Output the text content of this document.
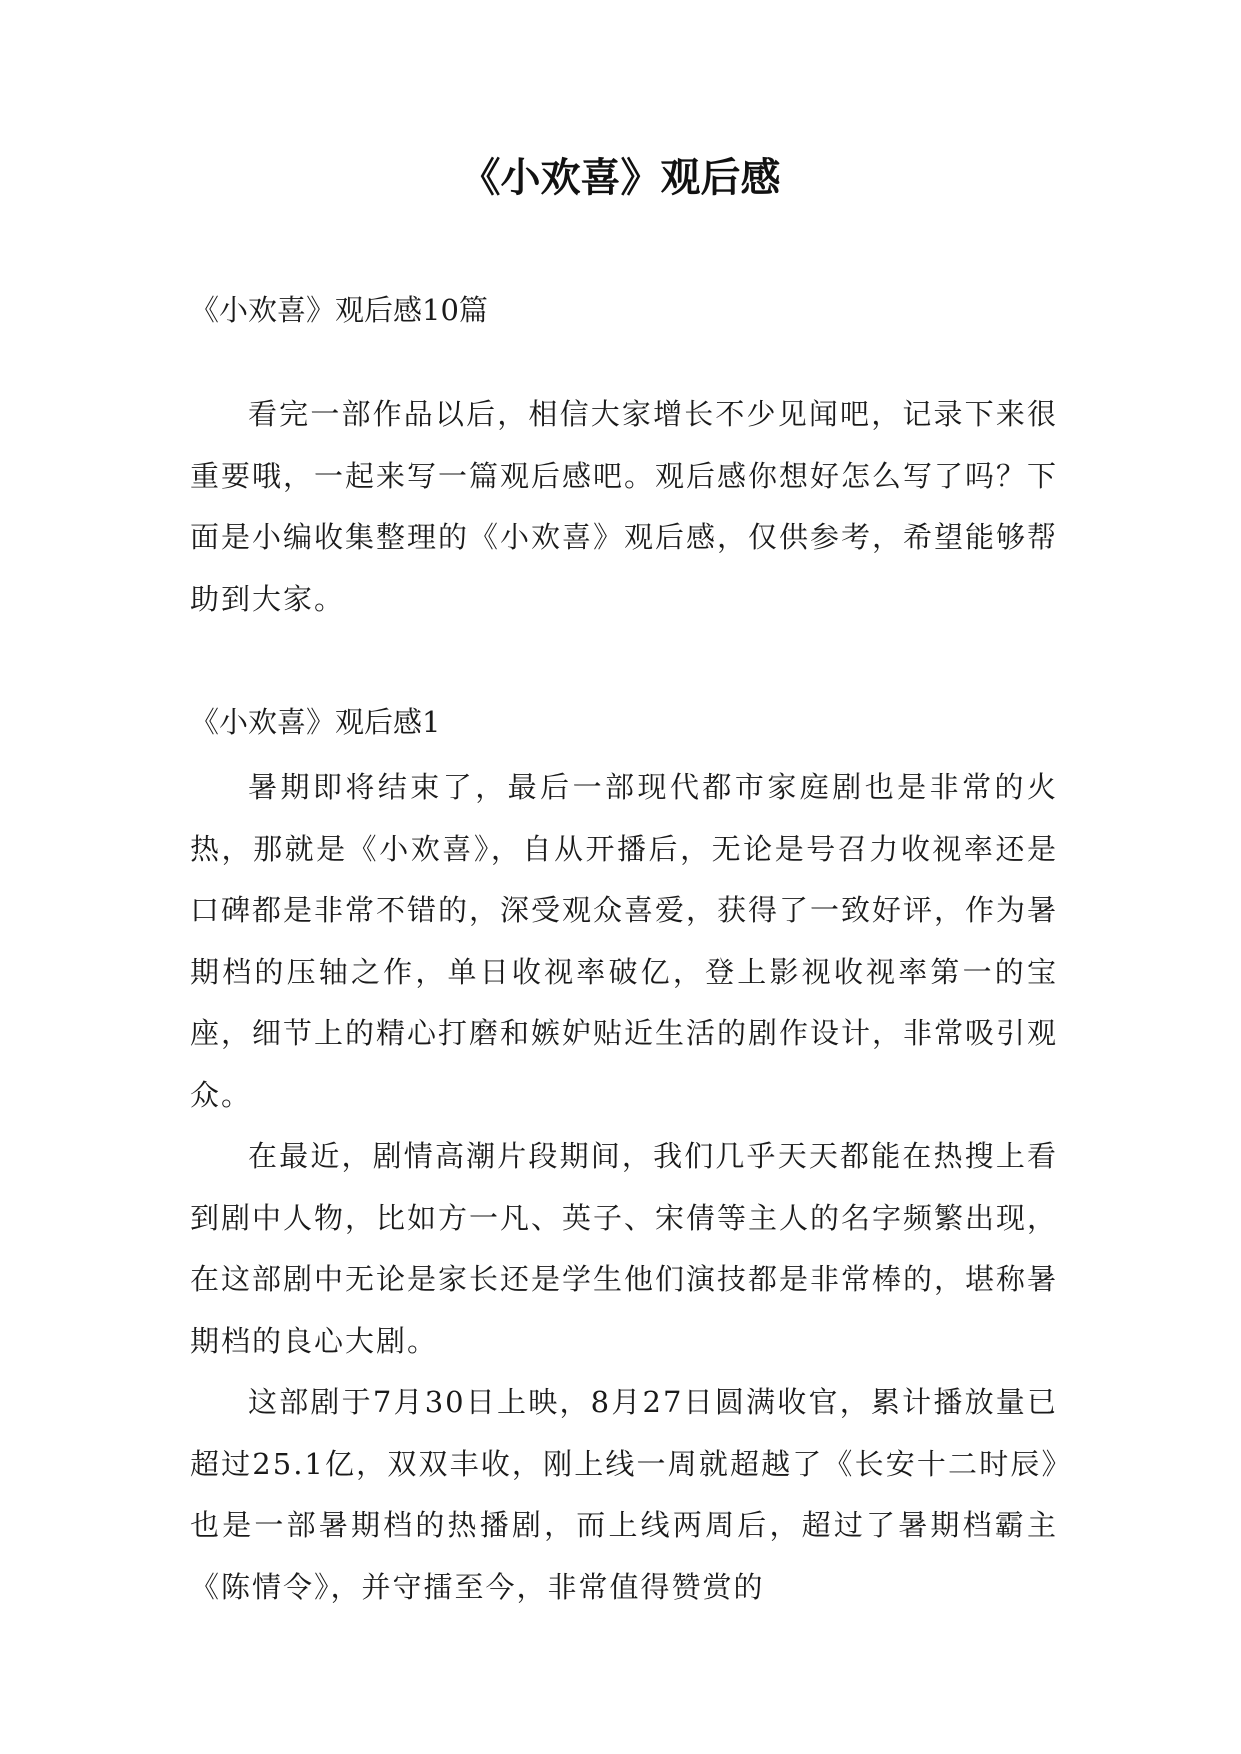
《小欢喜》观后感

《小欢喜》观后感10篇

看完一部作品以后，相信大家增长不少见闻吧，记录下来很重要哦，一起来写一篇观后感吧。观后感你想好怎么写了吗？下面是小编收集整理的《小欢喜》观后感，仅供参考，希望能够帮助到大家。

《小欢喜》观后感1

暑期即将结束了，最后一部现代都市家庭剧也是非常的火热，那就是《小欢喜》，自从开播后，无论是号召力收视率还是口碑都是非常不错的，深受观众喜爱，获得了一致好评，作为暑期档的压轴之作，单日收视率破亿，登上影视收视率第一的宝座，细节上的精心打磨和嫉妒贴近生活的剧作设计，非常吸引观众。

在最近，剧情高潮片段期间，我们几乎天天都能在热搜上看到剧中人物，比如方一凡、英子、宋倩等主人的名字频繁出现，在这部剧中无论是家长还是学生他们演技都是非常棒的，堪称暑期档的良心大剧。

这部剧于7月30日上映，8月27日圆满收官，累计播放量已超过25.1亿，双双丰收，刚上线一周就超越了《长安十二时辰》也是一部暑期档的热播剧，而上线两周后，超过了暑期档霸主《陈情令》，并守擂至今，非常值得赞赏的
